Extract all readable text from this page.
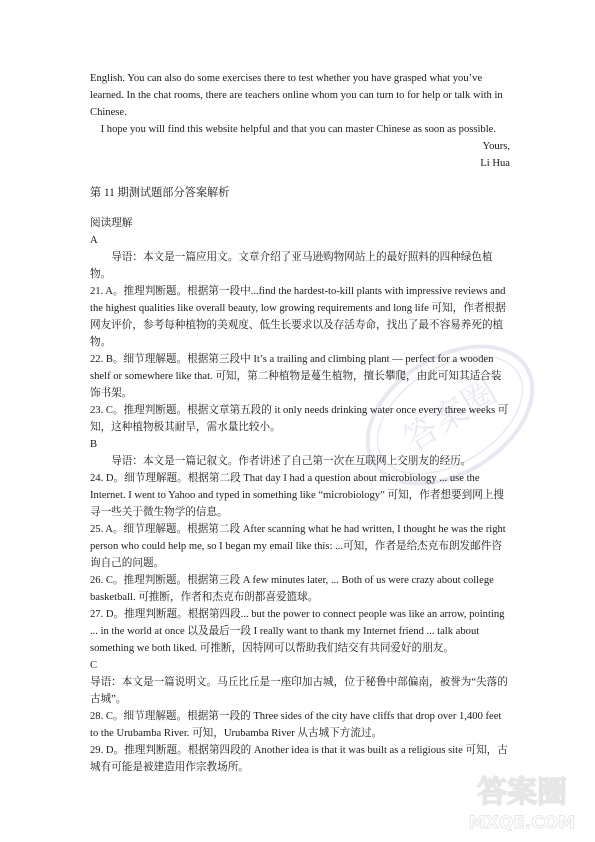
English. You can also do some exercises there to test whether you have grasped what you’ve learned. In the chat rooms, there are teachers online whom you can turn to for help or talk with in Chinese.

I hope you will find this website helpful and that you can master Chinese as soon as possible.

Yours,

Li Hua

第 11 期测试题部分答案解析

阅读理解

A

导语：本文是一篇应用文。文章介绍了亚马逊购物网站上的最好照料的四种绿色植物。

21. A。推理判断题。根据第一段中...find the hardest-to-kill plants with impressive reviews and the highest qualities like overall beauty, low growing requirements and long life 可知，作者根据网友评价，参考每种植物的美观度、低生长要求以及存活寿命，找出了最不容易养死的植物。

22. B。细节理解题。根据第三段中 It’s a trailing and climbing plant — perfect for a wooden shelf or somewhere like that. 可知，第二种植物是蔓生植物，擅长攀爬，由此可知其适合装饰书架。

23. C。推理判断题。根据文章第五段的 it only needs drinking water once every three weeks 可知，这种植物极其耐旱，需水量比较小。

B

导语：本文是一篇记叙文。作者讲述了自己第一次在互联网上交朋友的经历。

24. D。细节理解题。根据第二段 That day I had a question about microbiology ... use the Internet. I went to Yahoo and typed in something like “microbiology” 可知，作者想要到网上搜寻一些关于微生物学的信息。

25. A。细节理解题。根据第二段 After scanning what he had written, I thought he was the right person who could help me, so I began my email like this: ...可知，作者是给杰克布朗发邮件咨询自己的问题。

26. C。推理判断题。根据第三段 A few minutes later, ... Both of us were crazy about college basketball. 可推断，作者和杰克布朗都喜爱篮球。

27. D。推理判断题。根据第四段... but the power to connect people was like an arrow, pointing ... in the world at once 以及最后一段 I really want to thank my Internet friend ... talk about something we both liked. 可推断，因特网可以帮助我们结交有共同爱好的朋友。

C

导语：本文是一篇说明文。马丘比丘是一座印加古城，位于秘鲁中部偏南，被誉为“失落的古城”。

28. C。细节理解题。根据第一段的 Three sides of the city have cliffs that drop over 1,400 feet to the Urubamba River. 可知，Urubamba River 从古城下方流过。

29. D。推理判断题。根据第四段的 Another idea is that it was built as a religious site 可知，古城有可能是被建造用作宗教场所。

答案圈
答案圈
MXQE.COM
